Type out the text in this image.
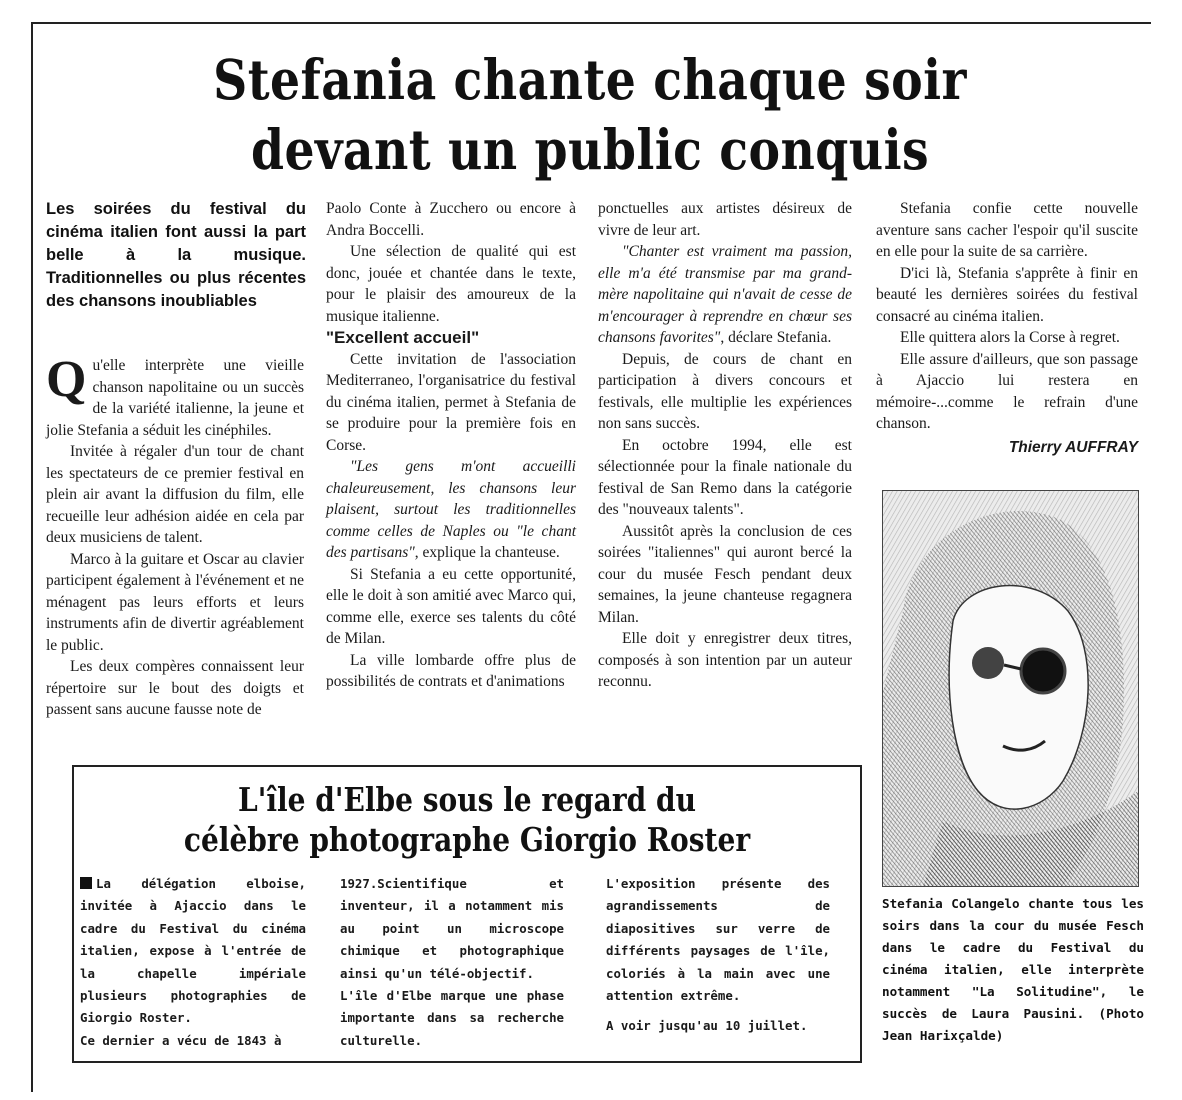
Stefania chante chaque soir
devant un public conquis
Les soirées du festival du cinéma italien font aussi la part belle à la musique. Traditionnelles ou plus récentes des chansons inoubliables

Qu'elle interprète une vieille chanson napolitaine ou un succès de la variété italienne, la jeune et jolie Stefania a séduit les cinéphiles.

Invitée à régaler d'un tour de chant les spectateurs de ce premier festival en plein air avant la diffusion du film, elle recueille leur adhésion aidée en cela par deux musiciens de talent.

Marco à la guitare et Oscar au clavier participent également à l'événement et ne ménagent pas leurs efforts et leurs instruments afin de divertir agréablement le public.

Les deux compères connaissent leur répertoire sur le bout des doigts et passent sans aucune fausse note de

Paolo Conte à Zucchero ou encore à Andra Boccelli.

Une sélection de qualité qui est donc, jouée et chantée dans le texte, pour le plaisir des amoureux de la musique italienne.

"Excellent accueil"

Cette invitation de l'association Mediterraneo, l'organisatrice du festival du cinéma italien, permet à Stefania de se produire pour la première fois en Corse.

"Les gens m'ont accueilli chaleureusement, les chansons leur plaisent, surtout les traditionnelles comme celles de Naples ou "le chant des partisans", explique la chanteuse.

Si Stefania a eu cette opportunité, elle le doit à son amitié avec Marco qui, comme elle, exerce ses talents du côté de Milan.

La ville lombarde offre plus de possibilités de contrats et d'animations

ponctuelles aux artistes désireux de vivre de leur art.

"Chanter est vraiment ma passion, elle m'a été transmise par ma grand-mère napolitaine qui n'avait de cesse de m'encourager à reprendre en chœur ses chansons favorites", déclare Stefania.

Depuis, de cours de chant en participation à divers concours et festivals, elle multiplie les expériences non sans succès.

En octobre 1994, elle est sélectionnée pour la finale nationale du festival de San Remo dans la catégorie des "nouveaux talents".

Aussitôt après la conclusion de ces soirées "italiennes" qui auront bercé la cour du musée Fesch pendant deux semaines, la jeune chanteuse regagnera Milan.

Elle doit y enregistrer deux titres, composés à son intention par un auteur reconnu.

Stefania confie cette nouvelle aventure sans cacher l'espoir qu'il suscite en elle pour la suite de sa carrière.

D'ici là, Stefania s'apprête à finir en beauté les dernières soirées du festival consacré au cinéma italien.

Elle quittera alors la Corse à regret.

Elle assure d'ailleurs, que son passage à Ajaccio lui restera en mémoire-...comme le refrain d'une chanson.

Thierry AUFFRAY
Stefania Colangelo chante tous les soirs dans la cour du musée Fesch dans le cadre du Festival du cinéma italien, elle interprète notamment "La Solitudine", le succès de Laura Pausini. (Photo Jean Harixçalde)
L'île d'Elbe sous le regard du
célèbre photographe Giorgio Roster

La délégation elboise, invitée à Ajaccio dans le cadre du Festival du cinéma italien, expose à l'entrée de la chapelle impériale plusieurs photographies de Giorgio Roster.

Ce dernier a vécu de 1843 à

1927.Scientifique et inventeur, il a notamment mis au point un microscope chimique et photographique ainsi qu'un télé-objectif.

L'île d'Elbe marque une phase importante dans sa recherche culturelle.

L'exposition présente des agrandissements de diapositives sur verre de différents paysages de l'île, coloriés à la main avec une attention extrême.

A voir jusqu'au 10 juillet.
